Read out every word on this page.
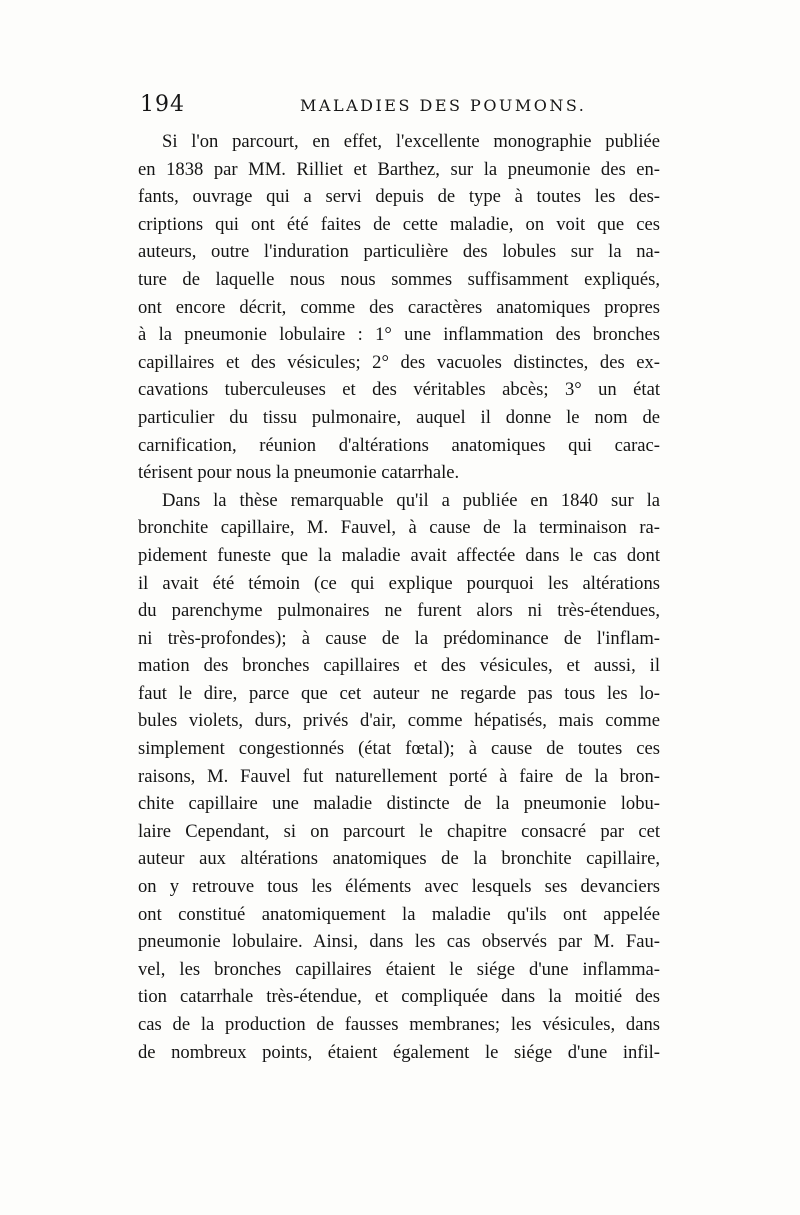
194	MALADIES DES POUMONS.
Si l'on parcourt, en effet, l'excellente monographie publiée
en 1838 par MM. Rilliet et Barthez, sur la pneumonie des en-
fants, ouvrage qui a servi depuis de type à toutes les des-
criptions qui ont été faites de cette maladie, on voit que ces
auteurs, outre l'induration particulière des lobules sur la na-
ture de laquelle nous nous sommes suffisamment expliqués,
ont encore décrit, comme des caractères anatomiques propres
à la pneumonie lobulaire : 1° une inflammation des bronches
capillaires et des vésicules; 2° des vacuoles distinctes, des ex-
cavations tuberculeuses et des véritables abcès; 3° un état
particulier du tissu pulmonaire, auquel il donne le nom de
carnification, réunion d'altérations anatomiques qui carac-
térisent pour nous la pneumonie catarrhale.
Dans la thèse remarquable qu'il a publiée en 1840 sur la
bronchite capillaire, M. Fauvel, à cause de la terminaison ra-
pidement funeste que la maladie avait affectée dans le cas dont
il avait été témoin (ce qui explique pourquoi les altérations
du parenchyme pulmonaires ne furent alors ni très-étendues,
ni très-profondes); à cause de la prédominance de l'inflam-
mation des bronches capillaires et des vésicules, et aussi, il
faut le dire, parce que cet auteur ne regarde pas tous les lo-
bules violets, durs, privés d'air, comme hépatisés, mais comme
simplement congestionnés (état fœtal); à cause de toutes ces
raisons, M. Fauvel fut naturellement porté à faire de la bron-
chite capillaire une maladie distincte de la pneumonie lobu-
laire Cependant, si on parcourt le chapitre consacré par cet
auteur aux altérations anatomiques de la bronchite capillaire,
on y retrouve tous les éléments avec lesquels ses devanciers
ont constitué anatomiquement la maladie qu'ils ont appelée
pneumonie lobulaire. Ainsi, dans les cas observés par M. Fau-
vel, les bronches capillaires étaient le siége d'une inflamma-
tion catarrhale très-étendue, et compliquée dans la moitié des
cas de la production de fausses membranes; les vésicules, dans
de nombreux points, étaient également le siége d'une infil-
